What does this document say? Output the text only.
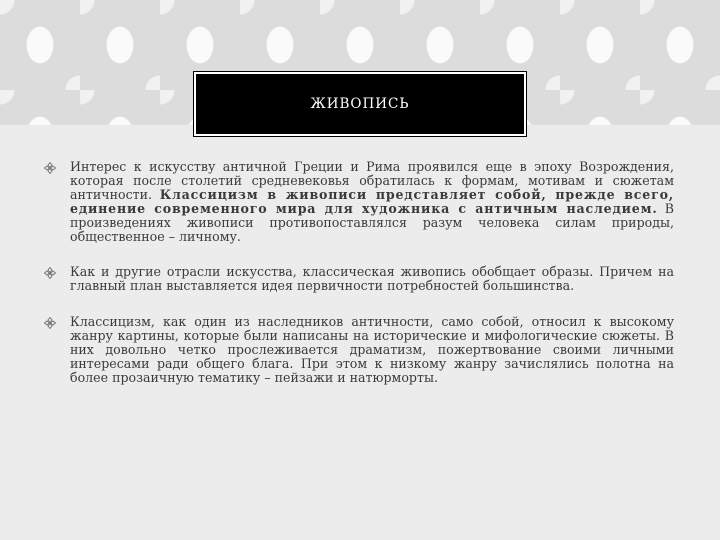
ЖИВОПИСЬ
Интерес к искусству античной Греции и Рима проявился еще в эпоху Возрождения, которая после столетий средневековья обратилась к формам, мотивам и сюжетам античности. Классицизм в живописи представляет собой, прежде всего, единение современного мира для художника с античным наследием. В произведениях живописи противопоставлялся разум человека силам природы, общественное – личному.
Как и другие отрасли искусства, классическая живопись обобщает образы. Причем на главный план выставляется идея первичности потребностей большинства.
Классицизм, как один из наследников античности, само собой, относил к высокому жанру картины, которые были написаны на исторические и мифологические сюжеты. В них довольно четко прослеживается драматизм, пожертвование своими личными интересами ради общего блага. При этом к низкому жанру зачислялись полотна на более прозаичную тематику – пейзажи и натюрморты.
